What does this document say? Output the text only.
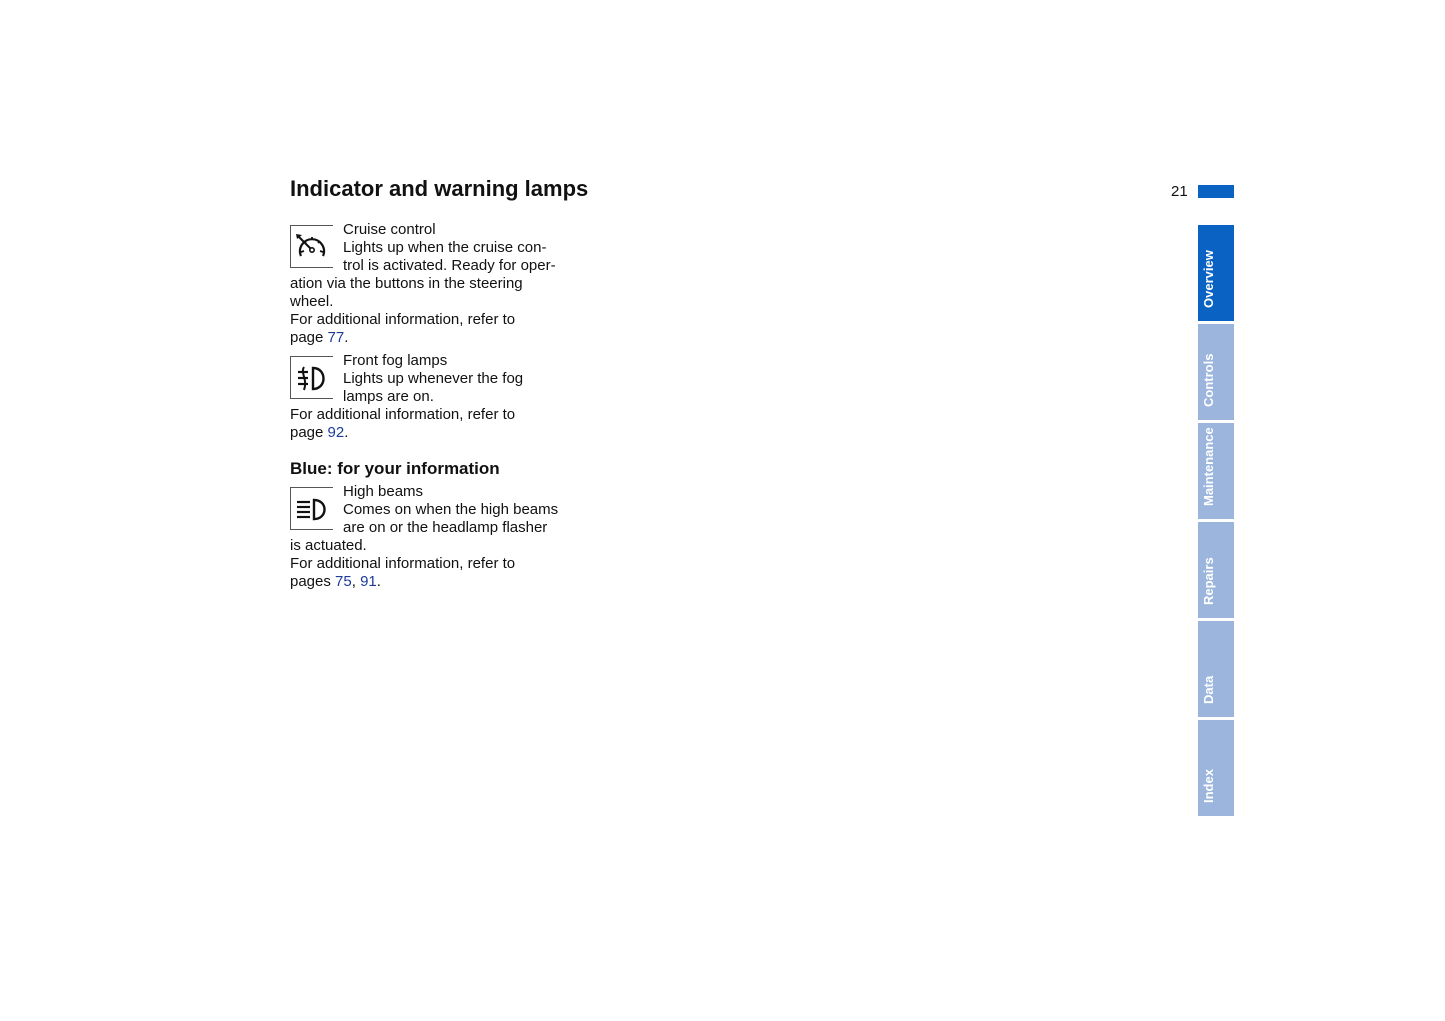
Indicator and warning lamps	21
Cruise control
Lights up when the cruise con-
trol is activated. Ready for oper-
ation via the buttons in the steering
wheel.
For additional information, refer to
page 77.
Front fog lamps
Lights up whenever the fog
lamps are on.
For additional information, refer to
page 92.
Blue: for your information
High beams
Comes on when the high beams
are on or the headlamp flasher
is actuated.
For additional information, refer to
pages 75, 91.
Overview
Controls
Maintenance
Repairs
Data
Index
